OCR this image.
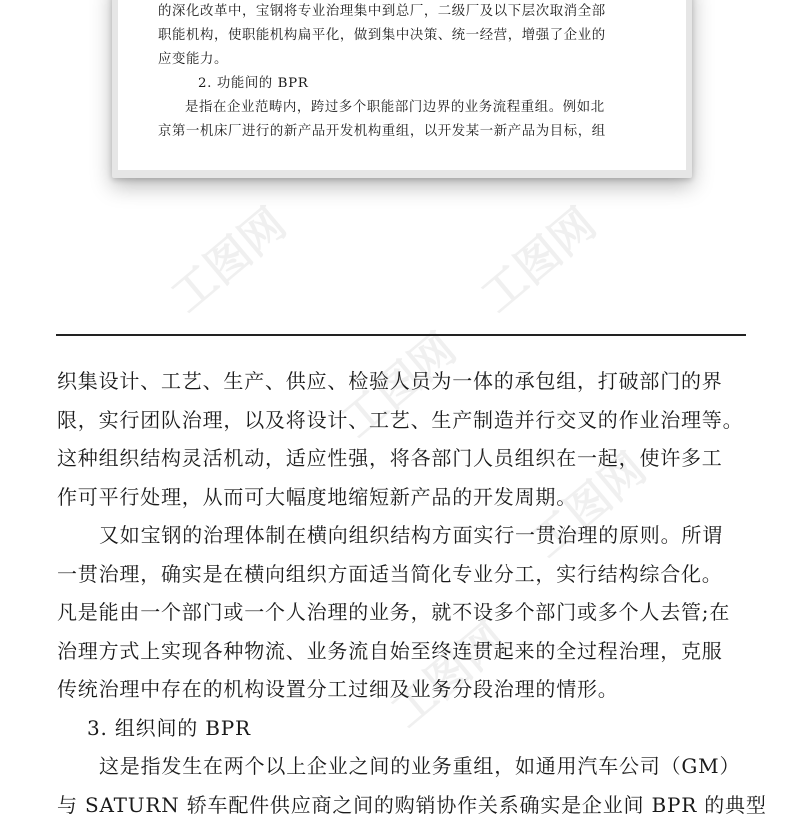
工图网	工图网
工图网
工图网
工图网

的深化改革中，宝钢将专业治理集中到总厂，二级厂及以下层次取消全部

职能机构，使职能机构扁平化，做到集中决策、统一经营，增强了企业的

应变能力。

2. 功能间的 BPR

是指在企业范畴内，跨过多个职能部门边界的业务流程重组。例如北

京第一机床厂进行的新产品开发机构重组，以开发某一新产品为目标，组

织集设计、工艺、生产、供应、检验人员为一体的承包组，打破部门的界

限，实行团队治理，以及将设计、工艺、生产制造并行交叉的作业治理等。

这种组织结构灵活机动，适应性强，将各部门人员组织在一起，使许多工

作可平行处理，从而可大幅度地缩短新产品的开发周期。

又如宝钢的治理体制在横向组织结构方面实行一贯治理的原则。所谓

一贯治理，确实是在横向组织方面适当简化专业分工，实行结构综合化。

凡是能由一个部门或一个人治理的业务，就不设多个部门或多个人去管;在

治理方式上实现各种物流、业务流自始至终连贯起来的全过程治理，克服

传统治理中存在的机构设置分工过细及业务分段治理的情形。

3. 组织间的 BPR

这是指发生在两个以上企业之间的业务重组，如通用汽车公司（GM）

与 SATURN 轿车配件供应商之间的购销协作关系确实是企业间 BPR 的典型
